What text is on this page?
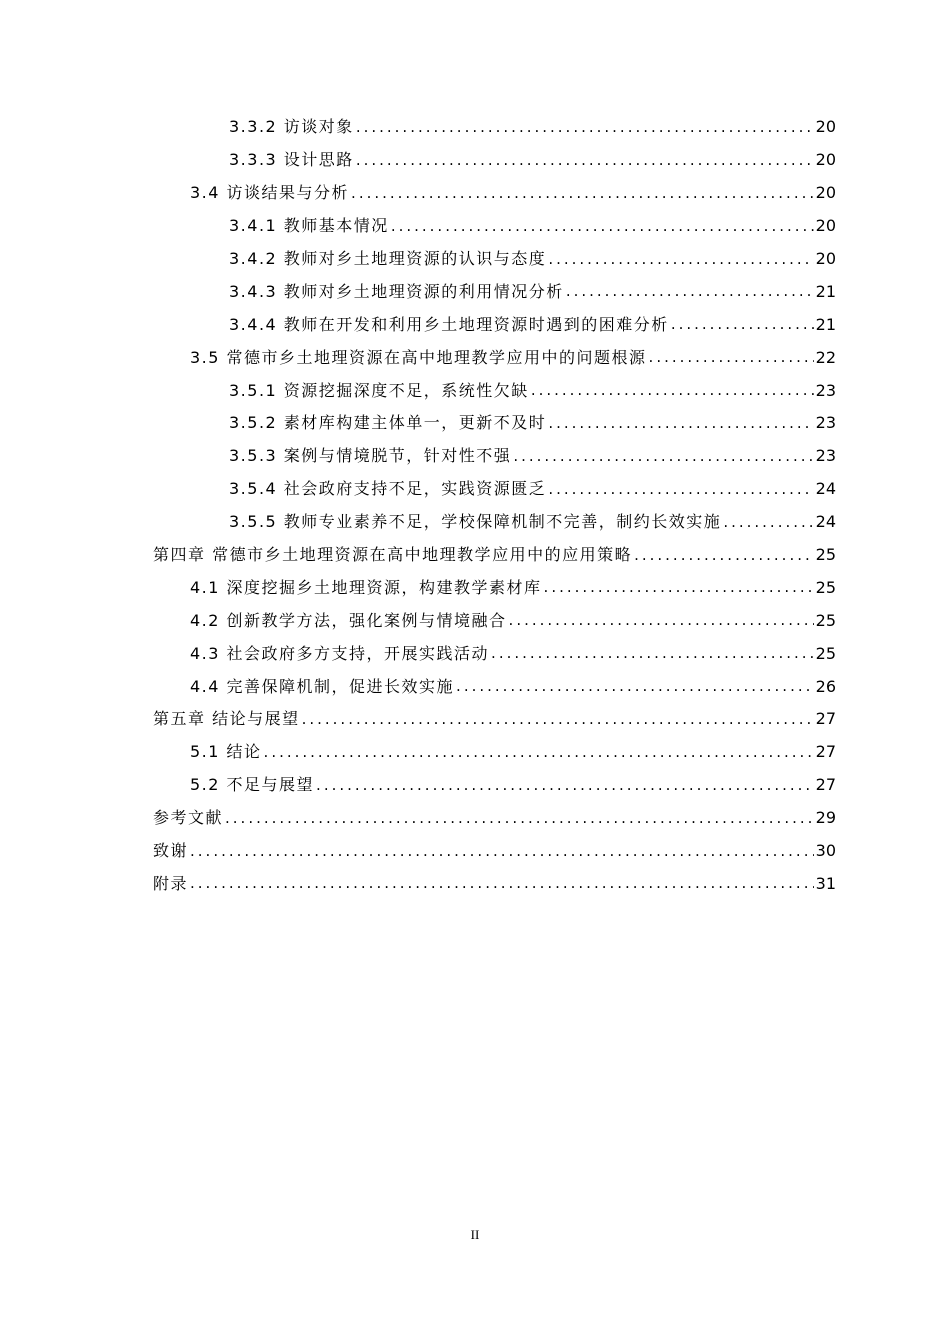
3.3.2 访谈对象 .....	20
3.3.3 设计思路 .....	20
3.4 访谈结果与分析 .....	20
3.4.1 教师基本情况 .....	20
3.4.2 教师对乡土地理资源的认识与态度 .....	20
3.4.3 教师对乡土地理资源的利用情况分析 .....	21
3.4.4 教师在开发和利用乡土地理资源时遇到的困难分析 .....	21
3.5 常德市乡土地理资源在高中地理教学应用中的问题根源 .....	22
3.5.1 资源挖掘深度不足，系统性欠缺 .....	23
3.5.2 素材库构建主体单一，更新不及时 .....	23
3.5.3 案例与情境脱节，针对性不强 .....	23
3.5.4 社会政府支持不足，实践资源匮乏 .....	24
3.5.5 教师专业素养不足，学校保障机制不完善，制约长效实施 .....	24
第四章 常德市乡土地理资源在高中地理教学应用中的应用策略 .....	25
4.1 深度挖掘乡土地理资源，构建教学素材库 .....	25
4.2 创新教学方法，强化案例与情境融合 .....	25
4.3 社会政府多方支持，开展实践活动 .....	25
4.4 完善保障机制，促进长效实施 .....	26
第五章 结论与展望 .....	27
5.1 结论 .....	27
5.2 不足与展望 .....	27
参考文献 .....	29
致谢 .....	30
附录 .....	31
II
